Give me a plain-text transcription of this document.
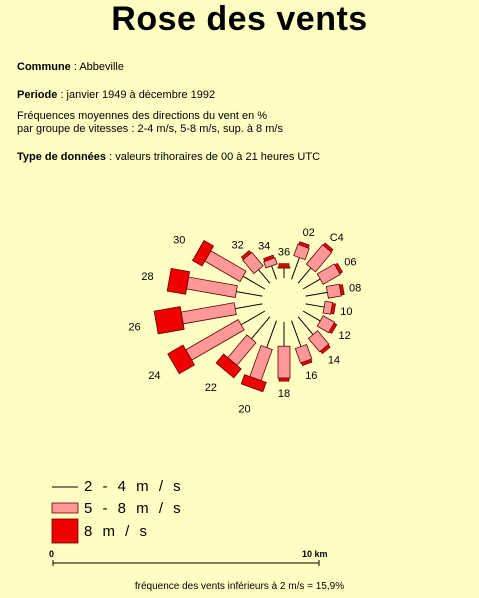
Rose des vents
Commune : Abbeville
Periode : janvier 1949 à décembre 1992
Fréquences moyennes des directions du vent en %
par groupe de vitesses : 2-4 m/s, 5-8 m/s, sup. à 8 m/s
Type de données : valeurs trihoraires de 00 à 21 heures UTC
36
02 C4
06
08
10
12
14
16
18
20
22
24
26
28
30	32 34
2 - 4 m / s
5 - 8 m / s
8 m / s
0	10 km
fréquence des vents inférieurs à 2 m/s = 15,9%
